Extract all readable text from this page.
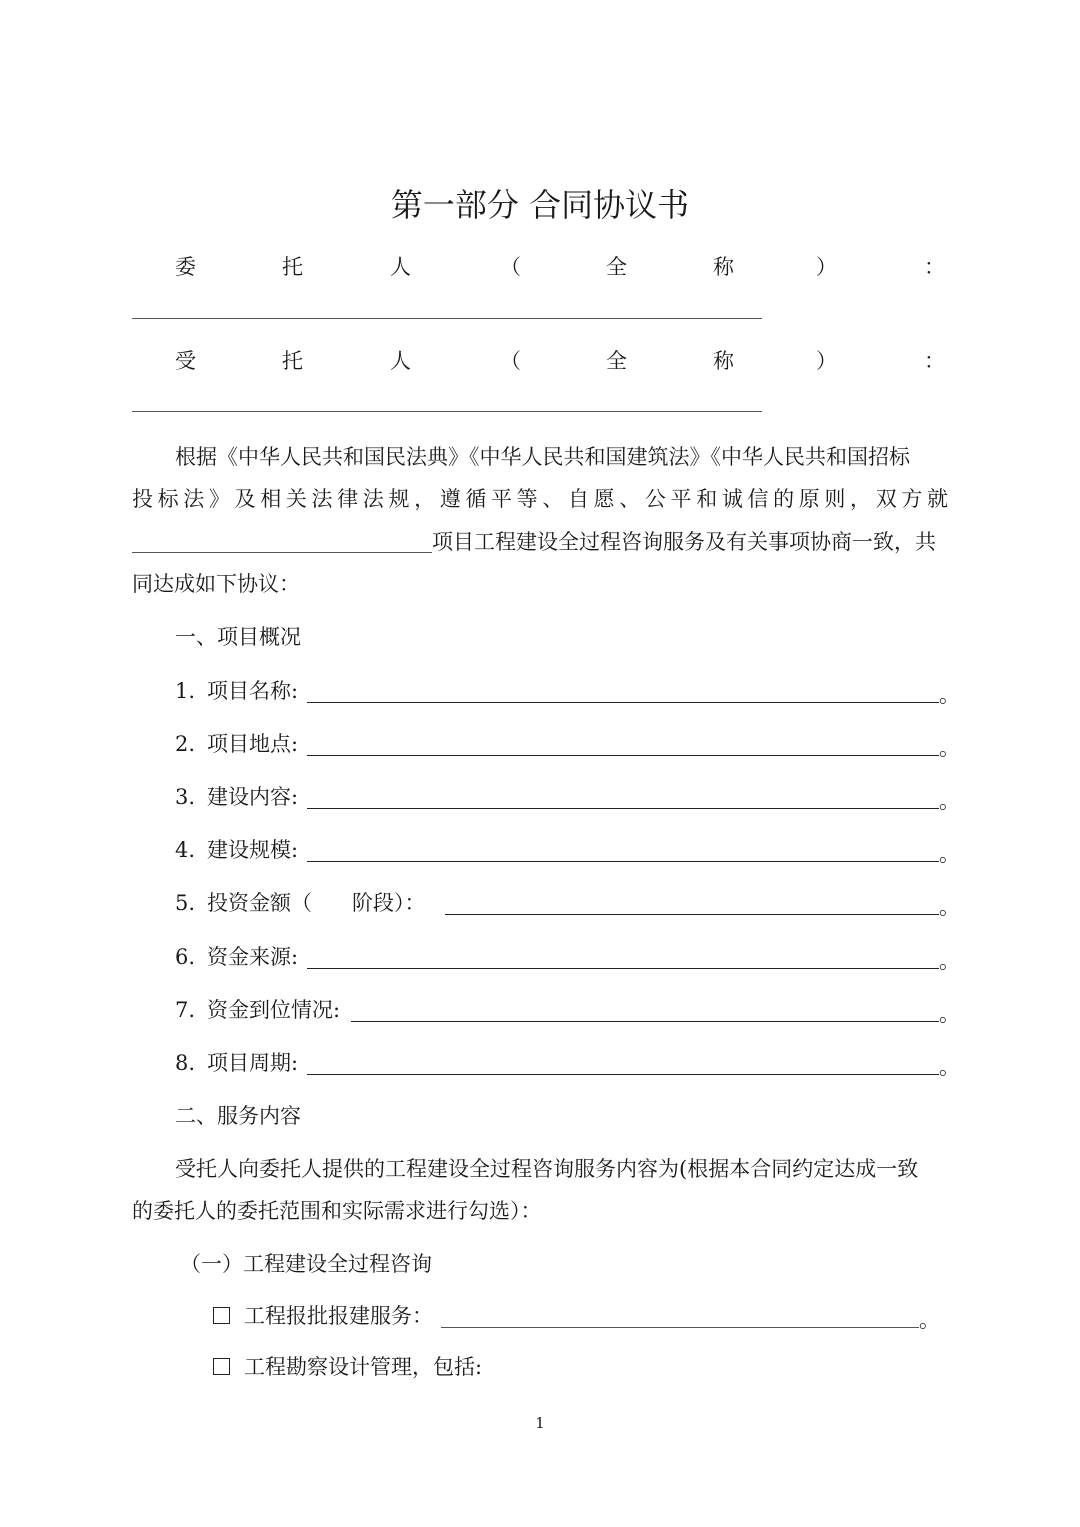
第一部分 合同协议书
委	托	人	（	全	称	）	：
受	托	人	（	全	称	）	：
根据《中华人民共和国民法典》《中华人民共和国建筑法》《中华人民共和国招标
投标法》及相关法律法规，遵循平等、自愿、公平和诚信的原则，双方就
项目工程建设全过程咨询服务及有关事项协商一致，共
同达成如下协议：
一、项目概况
1. 项目名称:	。
2. 项目地点:	。
3. 建设内容:	。
4. 建设规模:	。
5. 投资金额（      阶段）：	。
6. 资金来源:	。
7. 资金到位情况:	。
8. 项目周期:	。
二、服务内容
受托人向委托人提供的工程建设全过程咨询服务内容为(根据本合同约定达成一致
的委托人的委托范围和实际需求进行勾选）：
（一）工程建设全过程咨询
工程报批报建服务：	。
工程勘察设计管理，包括:
1
